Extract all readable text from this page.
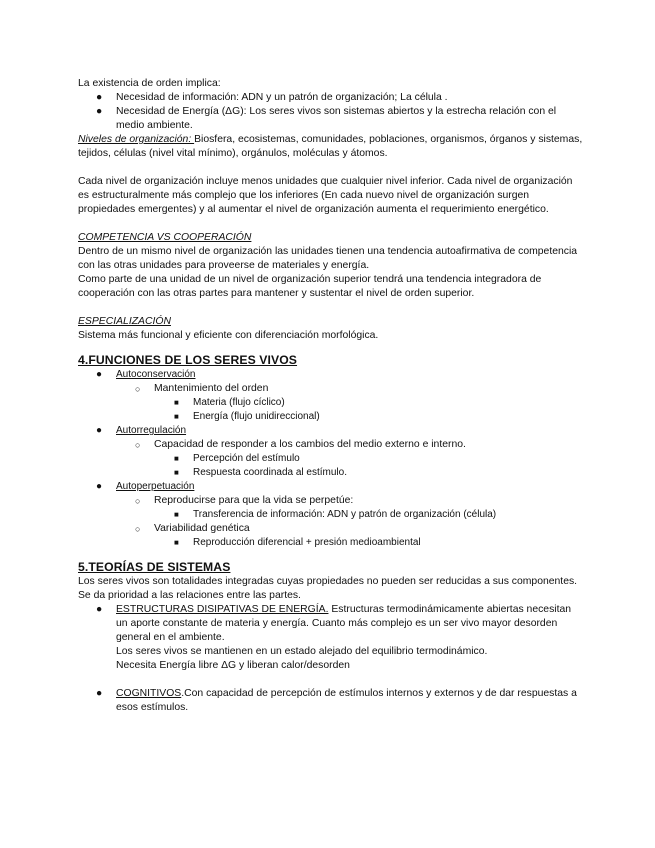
La existencia de orden implica:

● Necesidad de información: ADN y un patrón de organización; La célula .
● Necesidad de Energía (ΔG): Los seres vivos son sistemas abiertos y la estrecha relación con el medio ambiente.

Niveles de organización: Biosfera, ecosistemas, comunidades, poblaciones, organismos, órganos y sistemas, tejidos, células (nivel vital mínimo), orgánulos, moléculas y átomos.

Cada nivel de organización incluye menos unidades que cualquier nivel inferior. Cada nivel de organización es estructuralmente más complejo que los inferiores (En cada nuevo nivel de organización surgen propiedades emergentes) y al aumentar el nivel de organización aumenta el requerimiento energético.

COMPETENCIA VS COOPERACIÓN

Dentro de un mismo nivel de organización las unidades tienen una tendencia autoafirmativa de competencia con las otras unidades para proveerse de materiales y energía.

Como parte de una unidad de un nivel de organización superior tendrá una tendencia integradora de cooperación con las otras partes para mantener y sustentar el nivel de orden superior.

ESPECIALIZACIÓN

Sistema más funcional y eficiente con diferenciación morfológica.

4.FUNCIONES DE LOS SERES VIVOS
● Autoconservación
○ Mantenimiento del orden
■ Materia (flujo cíclico)
■ Energía (flujo unidireccional)
● Autorregulación
○ Capacidad de responder a los cambios del medio externo e interno.
■ Percepción del estímulo
■ Respuesta coordinada al estímulo.
● Autoperpetuación
○ Reproducirse para que la vida se perpetúe:
■ Transferencia de información: ADN y patrón de organización (célula)
○ Variabilidad genética
■ Reproducción diferencial + presión medioambiental
5.TEORÍAS DE SISTEMAS

Los seres vivos son totalidades integradas cuyas propiedades no pueden ser reducidas a sus componentes. Se da prioridad a las relaciones entre las partes.

● ESTRUCTURAS DISIPATIVAS DE ENERGÍA. Estructuras termodinámicamente abiertas necesitan un aporte constante de materia y energía. Cuanto más complejo es un ser vivo mayor desorden general en el ambiente.

Los seres vivos se mantienen en un estado alejado del equilibrio termodinámico.

Necesita Energía libre ΔG y liberan calor/desorden

● COGNITIVOS.Con capacidad de percepción de estímulos internos y externos y de dar respuestas a esos estímulos.
